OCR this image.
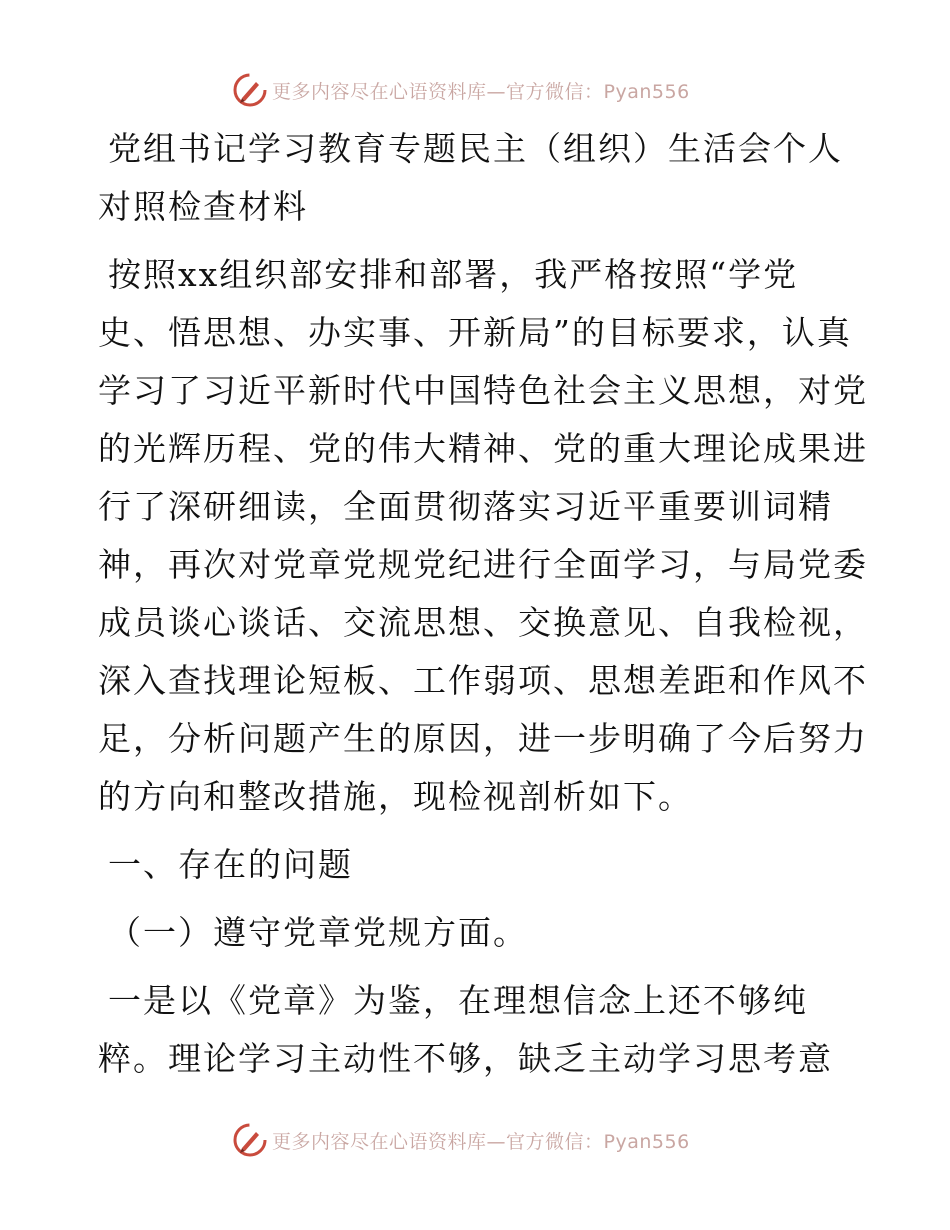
更多内容尽在心语资料库—官方微信：Pyan556
党组书记学习教育专题民主（组织）生活会个人
对照检查材料
按照xx组织部安排和部署，我严格按照“学党
史、悟思想、办实事、开新局”的目标要求，认真
学习了习近平新时代中国特色社会主义思想，对党
的光辉历程、党的伟大精神、党的重大理论成果进
行了深研细读，全面贯彻落实习近平重要训词精
神，再次对党章党规党纪进行全面学习，与局党委
成员谈心谈话、交流思想、交换意见、自我检视，
深入查找理论短板、工作弱项、思想差距和作风不
足，分析问题产生的原因，进一步明确了今后努力
的方向和整改措施，现检视剖析如下。
一、存在的问题
（一）遵守党章党规方面。
一是以《党章》为鉴，在理想信念上还不够纯
粹。理论学习主动性不够，缺乏主动学习思考意
更多内容尽在心语资料库—官方微信：Pyan556
